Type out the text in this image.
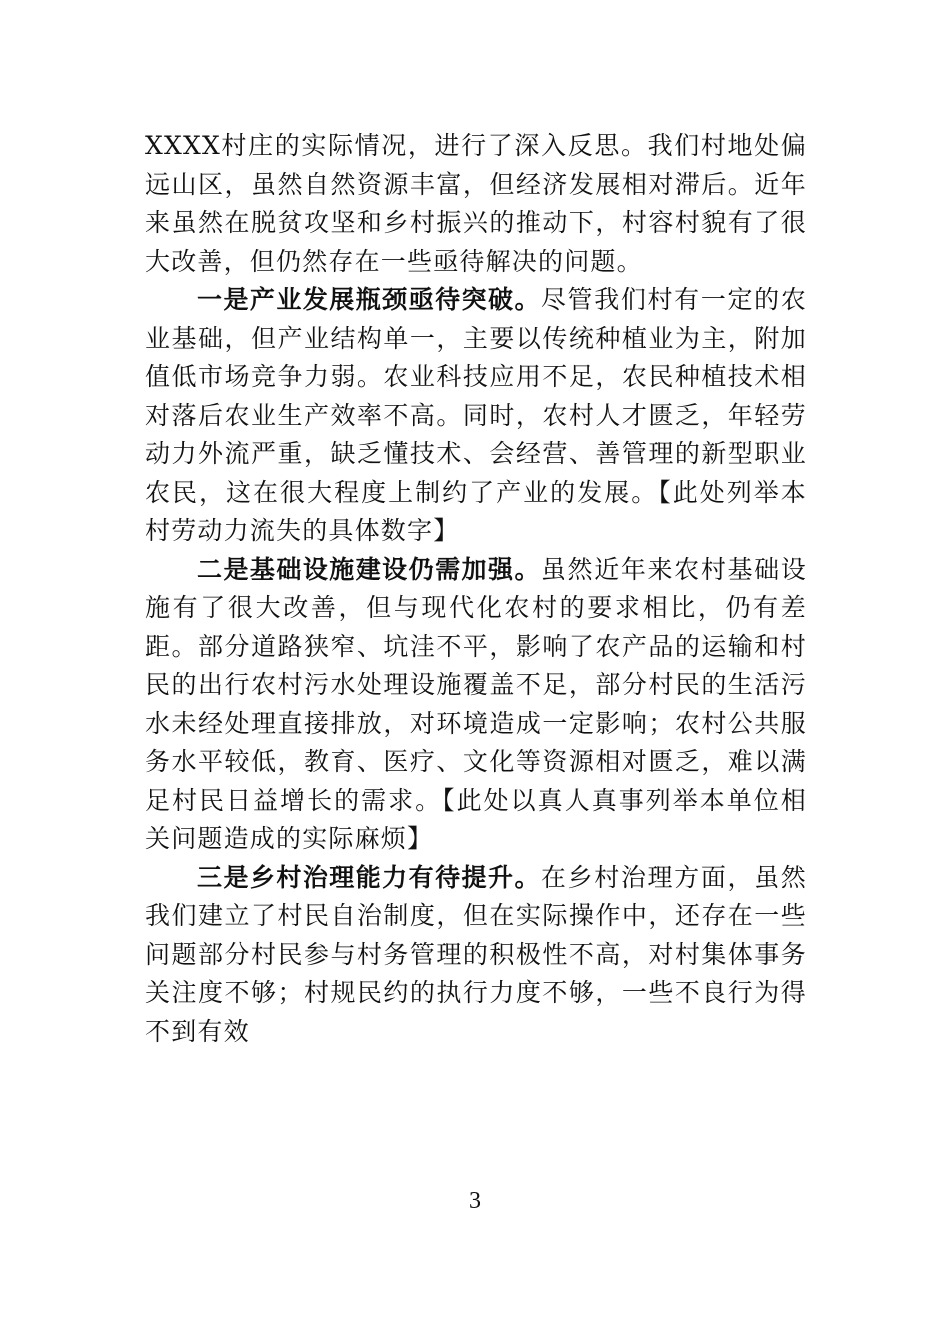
XXXX村庄的实际情况，进行了深入反思。我们村地处偏远山区，虽然自然资源丰富，但经济发展相对滞后。近年来虽然在脱贫攻坚和乡村振兴的推动下，村容村貌有了很大改善，但仍然存在一些亟待解决的问题。

一是产业发展瓶颈亟待突破。尽管我们村有一定的农业基础，但产业结构单一，主要以传统种植业为主，附加值低市场竞争力弱。农业科技应用不足，农民种植技术相对落后农业生产效率不高。同时，农村人才匮乏，年轻劳动力外流严重，缺乏懂技术、会经营、善管理的新型职业农民，这在很大程度上制约了产业的发展。【此处列举本村劳动力流失的具体数字】

二是基础设施建设仍需加强。虽然近年来农村基础设施有了很大改善，但与现代化农村的要求相比，仍有差距。部分道路狭窄、坑洼不平，影响了农产品的运输和村民的出行农村污水处理设施覆盖不足，部分村民的生活污水未经处理直接排放，对环境造成一定影响；农村公共服务水平较低，教育、医疗、文化等资源相对匮乏，难以满足村民日益增长的需求。【此处以真人真事列举本单位相关问题造成的实际麻烦】

三是乡村治理能力有待提升。在乡村治理方面，虽然我们建立了村民自治制度，但在实际操作中，还存在一些问题部分村民参与村务管理的积极性不高，对村集体事务关注度不够；村规民约的执行力度不够，一些不良行为得不到有效

3
